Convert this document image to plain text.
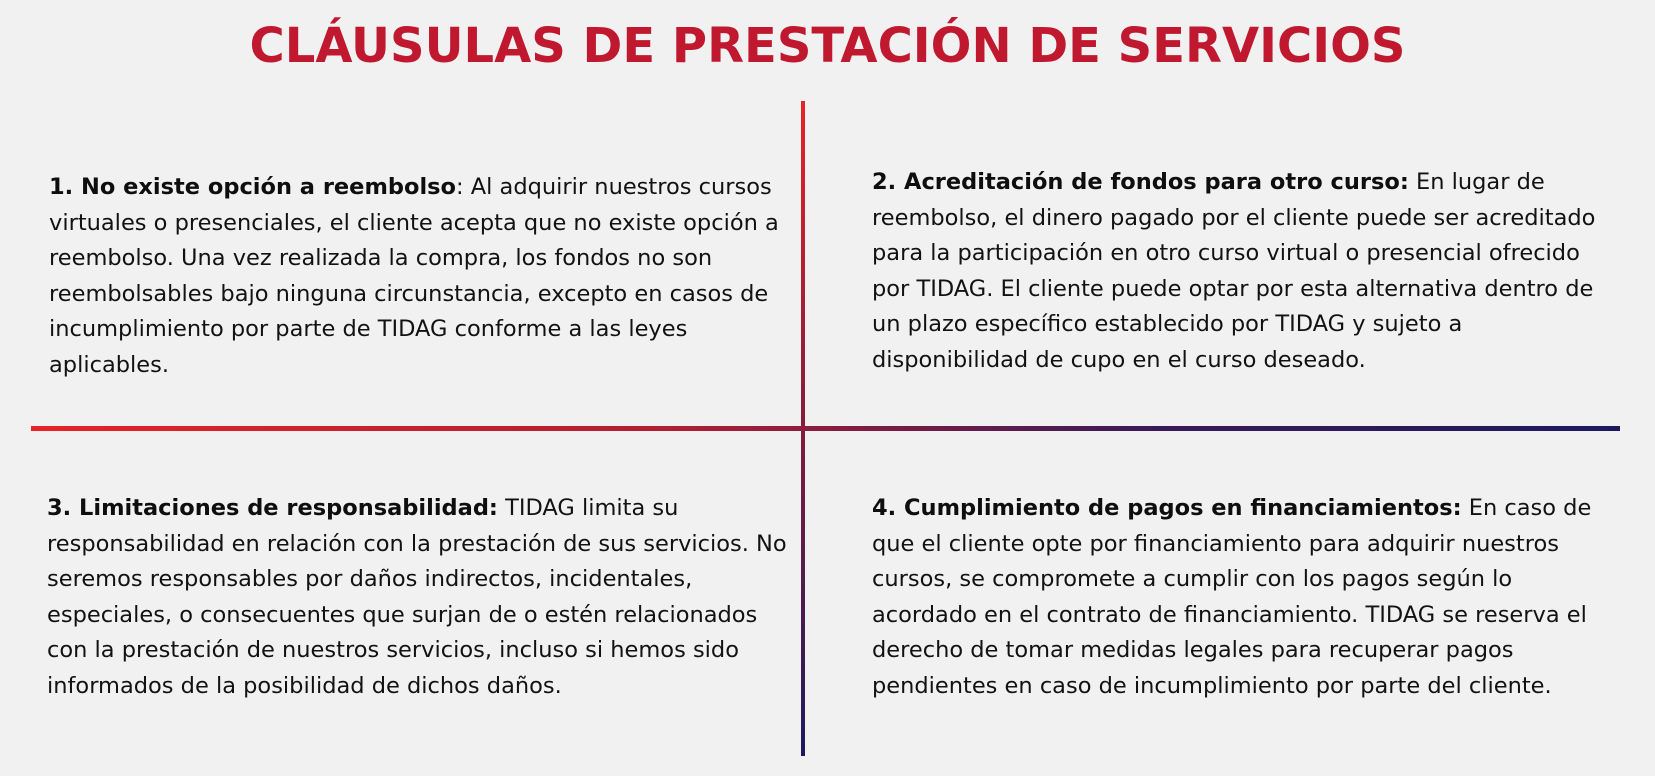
CLÁUSULAS DE PRESTACIÓN DE SERVICIOS

1. No existe opción a reembolso: Al adquirir nuestros cursos virtuales o presenciales, el cliente acepta que no existe opción a reembolso. Una vez realizada la compra, los fondos no son reembolsables bajo ninguna circunstancia, excepto en casos de incumplimiento por parte de TIDAG conforme a las leyes aplicables.

2. Acreditación de fondos para otro curso: En lugar de reembolso, el dinero pagado por el cliente puede ser acreditado para la participación en otro curso virtual o presencial ofrecido por TIDAG. El cliente puede optar por esta alternativa dentro de un plazo específico establecido por TIDAG y sujeto a disponibilidad de cupo en el curso deseado.

3. Limitaciones de responsabilidad: TIDAG limita su responsabilidad en relación con la prestación de sus servicios. No seremos responsables por daños indirectos, incidentales, especiales, o consecuentes que surjan de o estén relacionados con la prestación de nuestros servicios, incluso si hemos sido informados de la posibilidad de dichos daños.

4. Cumplimiento de pagos en financiamientos: En caso de que el cliente opte por financiamiento para adquirir nuestros cursos, se compromete a cumplir con los pagos según lo acordado en el contrato de financiamiento. TIDAG se reserva el derecho de tomar medidas legales para recuperar pagos pendientes en caso de incumplimiento por parte del cliente.
